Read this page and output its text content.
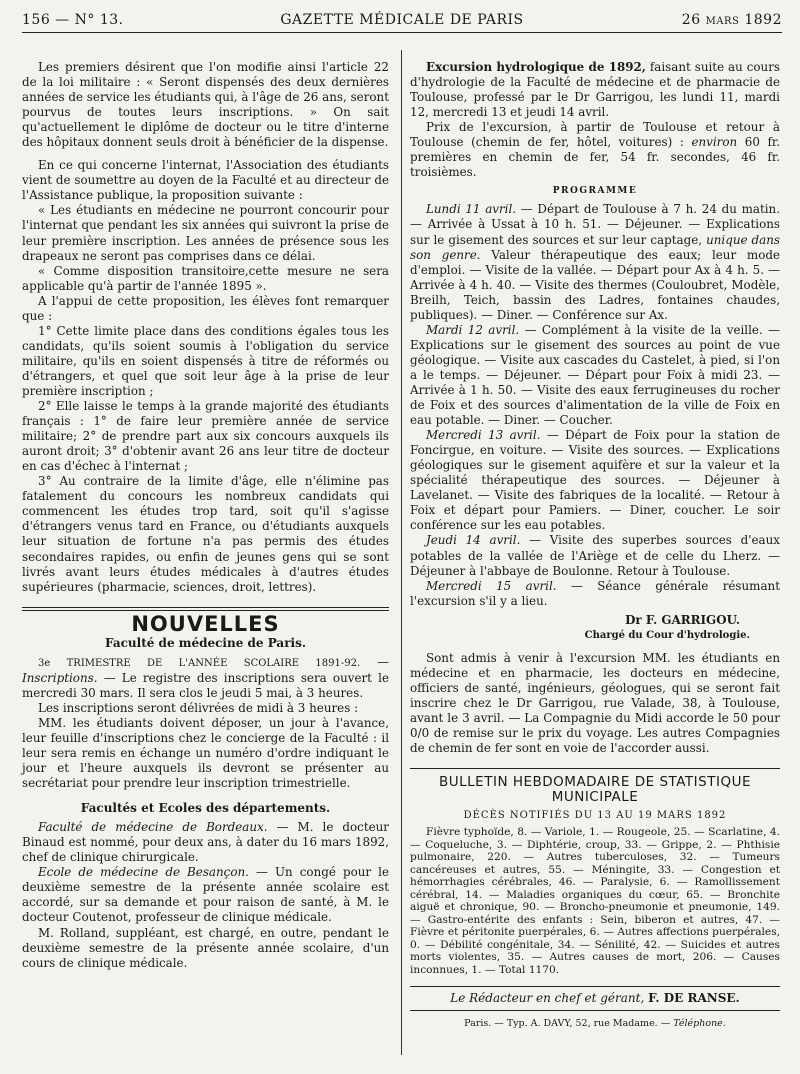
156 — N° 13.	GAZETTE MÉDICALE DE PARIS	26 MARS 1892

Les premiers désirent que l'on modifie ainsi l'article 22 de la loi militaire : « Seront dispensés des deux dernières années de service les étudiants qui, à l'âge de 26 ans, seront pourvus de toutes leurs inscriptions. » On sait qu'actuellement le diplôme de docteur ou le titre d'interne des hôpitaux donnent seuls droit à bénéficier de la dispense.

En ce qui concerne l'internat, l'Association des étudiants vient de soumettre au doyen de la Faculté et au directeur de l'Assistance publique, la proposition suivante :

« Les étudiants en médecine ne pourront concourir pour l'internat que pendant les six années qui suivront la prise de leur première inscription. Les années de présence sous les drapeaux ne seront pas comprises dans ce délai.

« Comme disposition transitoire,cette mesure ne sera applicable qu'à partir de l'année 1895 ».

A l'appui de cette proposition, les élèves font remarquer que :

1° Cette limite place dans des conditions égales tous les candidats, qu'ils soient soumis à l'obligation du service militaire, qu'ils en soient dispensés à titre de réformés ou d'étrangers, et quel que soit leur âge à la prise de leur première inscription ;

2° Elle laisse le temps à la grande majorité des étudiants français : 1° de faire leur première année de service militaire; 2° de prendre part aux six concours auxquels ils auront droit; 3° d'obtenir avant 26 ans leur titre de docteur en cas d'échec à l'internat ;

3° Au contraire de la limite d'âge, elle n'élimine pas fatalement du concours les nombreux candidats qui commencent les études trop tard, soit qu'il s'agisse d'étrangers venus tard en France, ou d'étudiants auxquels leur situation de fortune n'a pas permis des études secondaires rapides, ou enfin de jeunes gens qui se sont livrés avant leurs études médicales à d'autres études supérieures (pharmacie, sciences, droit, lettres).

NOUVELLES
Faculté de médecine de Paris.

3e TRIMESTRE DE L'ANNÉE SCOLAIRE 1891-92. — Inscriptions. — Le registre des inscriptions sera ouvert le mercredi 30 mars. Il sera clos le jeudi 5 mai, à 3 heures.

Les inscriptions seront délivrées de midi à 3 heures :

MM. les étudiants doivent déposer, un jour à l'avance, leur feuille d'inscriptions chez le concierge de la Faculté : il leur sera remis en échange un numéro d'ordre indiquant le jour et l'heure auxquels ils devront se présenter au secrétariat pour prendre leur inscription trimestrielle.

Facultés et Ecoles des départements.

Faculté de médecine de Bordeaux. — M. le docteur Binaud est nommé, pour deux ans, à dater du 16 mars 1892, chef de clinique chirurgicale.

Ecole de médecine de Besançon. — Un congé pour le deuxième semestre de la présente année scolaire est accordé, sur sa demande et pour raison de santé, à M. le docteur Coutenot, professeur de clinique médicale.

M. Rolland, suppléant, est chargé, en outre, pendant le deuxième semestre de la présente année scolaire, d'un cours de clinique médicale.

Excursion hydrologique de 1892, faisant suite au cours d'hydrologie de la Faculté de médecine et de pharmacie de Toulouse, professé par le Dr Garrigou, les lundi 11, mardi 12, mercredi 13 et jeudi 14 avril.

Prix de l'excursion, à partir de Toulouse et retour à Toulouse (chemin de fer, hôtel, voitures) : environ 60 fr. premières en chemin de fer, 54 fr. secondes, 46 fr. troisièmes.

PROGRAMME

Lundi 11 avril. — Départ de Toulouse à 7 h. 24 du matin. — Arrivée à Ussat à 10 h. 51. — Déjeuner. — Explications sur le gisement des sources et sur leur captage, unique dans son genre. Valeur thérapeutique des eaux; leur mode d'emploi. — Visite de la vallée. — Départ pour Ax à 4 h. 5. — Arrivée à 4 h. 40. — Visite des thermes (Couloubret, Modèle, Breilh, Teich, bassin des Ladres, fontaines chaudes, publiques). — Diner. — Conférence sur Ax.

Mardi 12 avril. — Complément à la visite de la veille. — Explications sur le gisement des sources au point de vue géologique. — Visite aux cascades du Castelet, à pied, si l'on a le temps. — Déjeuner. — Départ pour Foix à midi 23. — Arrivée à 1 h. 50. — Visite des eaux ferrugineuses du rocher de Foix et des sources d'alimentation de la ville de Foix en eau potable. — Diner. — Coucher.

Mercredi 13 avril. — Départ de Foix pour la station de Foncirgue, en voiture. — Visite des sources. — Explications géologiques sur le gisement aquifère et sur la valeur et la spécialité thérapeutique des sources. — Déjeuner à Lavelanet. — Visite des fabriques de la localité. — Retour à Foix et départ pour Pamiers. — Diner, coucher. Le soir conférence sur les eau potables.

Jeudi 14 avril. — Visite des superbes sources d'eaux potables de la vallée de l'Ariège et de celle du Lherz. — Déjeuner à l'abbaye de Boulonne. Retour à Toulouse.

Mercredi 15 avril. — Séance générale résumant l'excursion s'il y a lieu.

Dr F. GARRIGOU.

Chargé du Cour d'hydrologie.

Sont admis à venir à l'excursion MM. les étudiants en médecine et en pharmacie, les docteurs en médecine, officiers de santé, ingénieurs, géologues, qui se seront fait inscrire chez le Dr Garrigou, rue Valade, 38, à Toulouse, avant le 3 avril. — La Compagnie du Midi accorde le 50 pour 0/0 de remise sur le prix du voyage. Les autres Compagnies de chemin de fer sont en voie de l'accorder aussi.

BULLETIN HEBDOMADAIRE DE STATISTIQUE
MUNICIPALE
DÉCÈS NOTIFIÉS DU 13 AU 19 MARS 1892

Fièvre typhoïde, 8. — Variole, 1. — Rougeole, 25. — Scarlatine, 4. — Coqueluche, 3. — Diphtérie, croup, 33. — Grippe, 2. — Phthisie pulmonaire, 220. — Autres tuberculoses, 32. — Tumeurs cancéreuses et autres, 55. — Méningite, 33. — Congestion et hémorrhagies cérébrales, 46. — Paralysie, 6. — Ramollissement cérébral, 14. — Maladies organiques du cœur, 65. — Bronchite aiguë et chronique, 90. — Broncho-pneumonie et pneumonie, 149. — Gastro-entérite des enfants : Sein, biberon et autres, 47. — Fièvre et péritonite puerpérales, 6. — Autres affections puerpérales, 0. — Débilité congénitale, 34. — Sénilité, 42. — Suicides et autres morts violentes, 35. — Autres causes de mort, 206. — Causes inconnues, 1. — Total 1170.

Le Rédacteur en chef et gérant, F. DE RANSE.
Paris. — Typ. A. DAVY, 52, rue Madame. — Téléphone.
